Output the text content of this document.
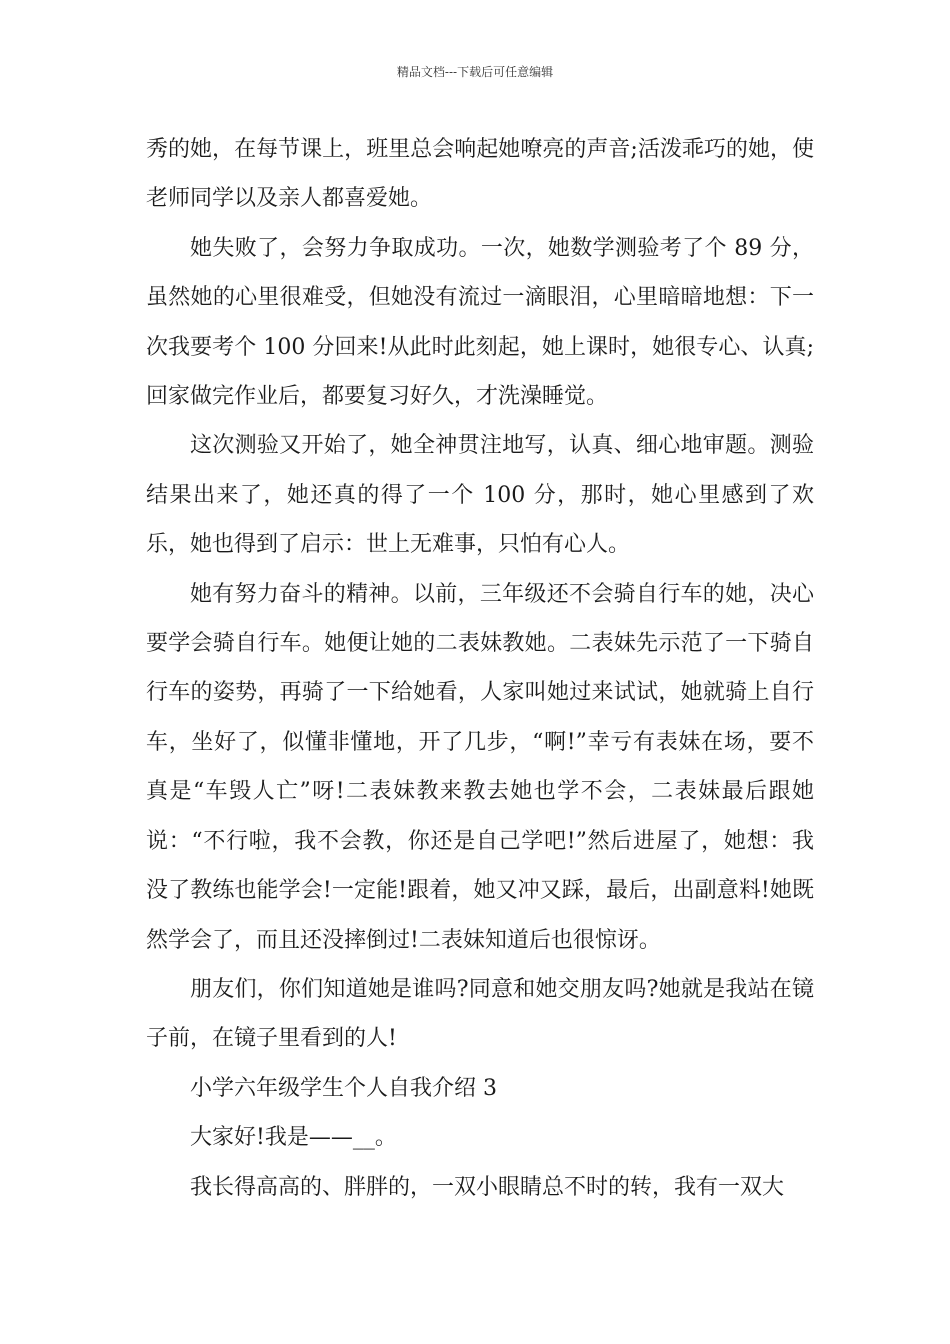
精品文档---下载后可任意编辑

秀的她，在每节课上，班里总会响起她嘹亮的声音;活泼乖巧的她，使老师同学以及亲人都喜爱她。

她失败了，会努力争取成功。一次，她数学测验考了个 89 分，虽然她的心里很难受，但她没有流过一滴眼泪，心里暗暗地想：下一次我要考个 100 分回来!从此时此刻起，她上课时，她很专心、认真;回家做完作业后，都要复习好久，才洗澡睡觉。

这次测验又开始了，她全神贯注地写，认真、细心地审题。测验结果出来了，她还真的得了一个 100 分，那时，她心里感到了欢乐，她也得到了启示：世上无难事，只怕有心人。

她有努力奋斗的精神。以前，三年级还不会骑自行车的她，决心要学会骑自行车。她便让她的二表妹教她。二表妹先示范了一下骑自行车的姿势，再骑了一下给她看，人家叫她过来试试，她就骑上自行车，坐好了，似懂非懂地，开了几步，“啊!”幸亏有表妹在场，要不真是“车毁人亡”呀!二表妹教来教去她也学不会，二表妹最后跟她说：“不行啦，我不会教，你还是自己学吧!”然后进屋了，她想：我没了教练也能学会!一定能!跟着，她又冲又踩，最后，出副意料!她既然学会了，而且还没摔倒过!二表妹知道后也很惊讶。

朋友们，你们知道她是谁吗?同意和她交朋友吗?她就是我站在镜子前，在镜子里看到的人!

小学六年级学生个人自我介绍 3

大家好!我是——__。

我长得高高的、胖胖的，一双小眼睛总不时的转，我有一双大
